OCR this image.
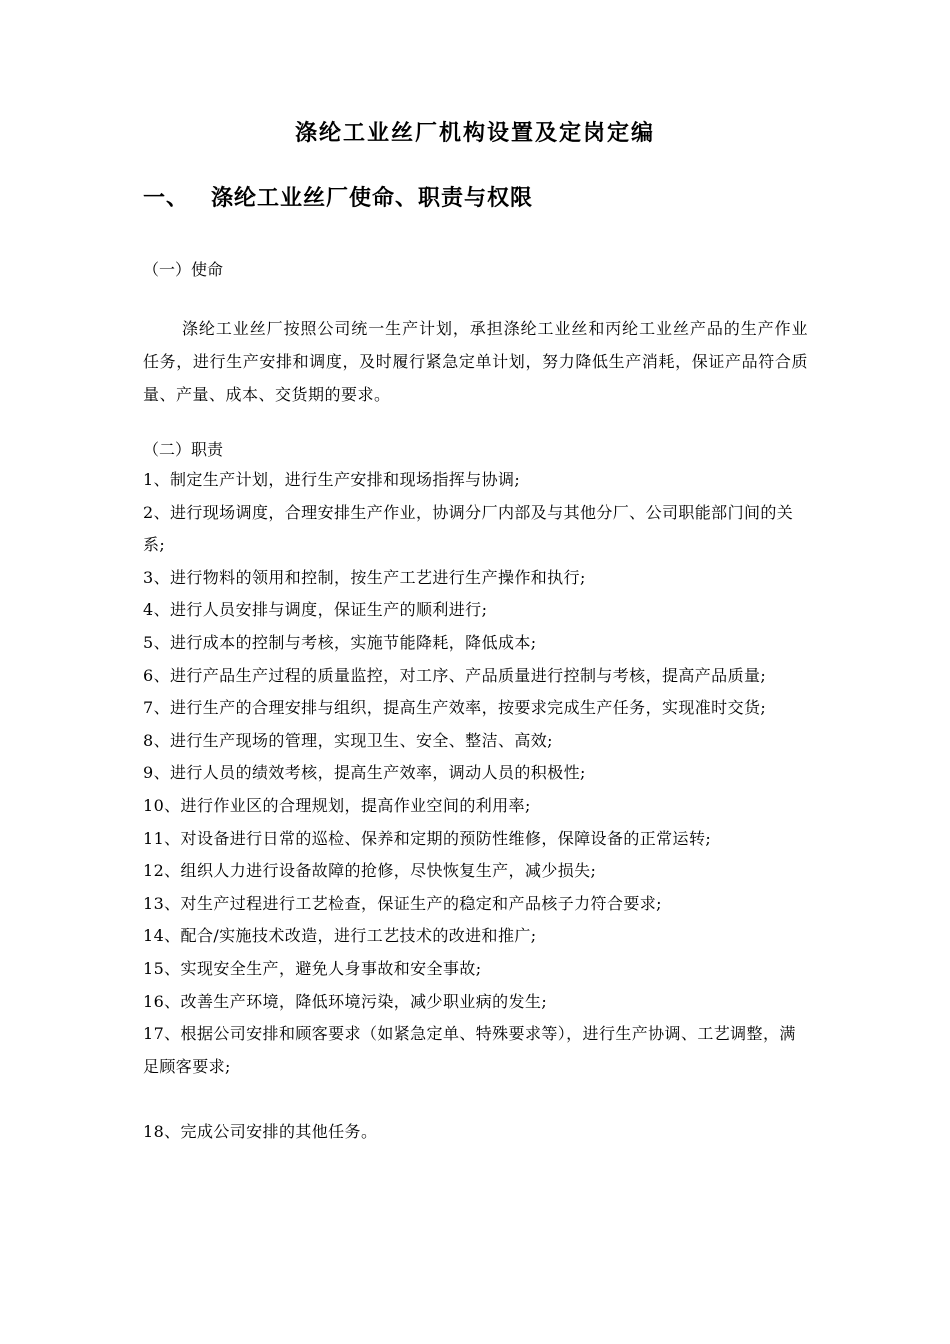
涤纶工业丝厂机构设置及定岗定编
一、 涤纶工业丝厂使命、职责与权限
（一）使命
涤纶工业丝厂按照公司统一生产计划，承担涤纶工业丝和丙纶工业丝产品的生产作业任务，进行生产安排和调度，及时履行紧急定单计划，努力降低生产消耗，保证产品符合质量、产量、成本、交货期的要求。
（二）职责
1、制定生产计划，进行生产安排和现场指挥与协调;
2、进行现场调度，合理安排生产作业，协调分厂内部及与其他分厂、公司职能部门间的关系;
3、进行物料的领用和控制，按生产工艺进行生产操作和执行;
4、进行人员安排与调度，保证生产的顺利进行;
5、进行成本的控制与考核，实施节能降耗，降低成本;
6、进行产品生产过程的质量监控，对工序、产品质量进行控制与考核，提高产品质量;
7、进行生产的合理安排与组织，提高生产效率，按要求完成生产任务，实现准时交货;
8、进行生产现场的管理，实现卫生、安全、整洁、高效;
9、进行人员的绩效考核，提高生产效率，调动人员的积极性;
10、进行作业区的合理规划，提高作业空间的利用率;
11、对设备进行日常的巡检、保养和定期的预防性维修，保障设备的正常运转;
12、组织人力进行设备故障的抢修，尽快恢复生产，减少损失;
13、对生产过程进行工艺检查，保证生产的稳定和产品核子力符合要求;
14、配合/实施技术改造，进行工艺技术的改进和推广;
15、实现安全生产，避免人身事故和安全事故;
16、改善生产环境，降低环境污染，减少职业病的发生;
17、根据公司安排和顾客要求（如紧急定单、特殊要求等），进行生产协调、工艺调整，满足顾客要求;
18、完成公司安排的其他任务。
